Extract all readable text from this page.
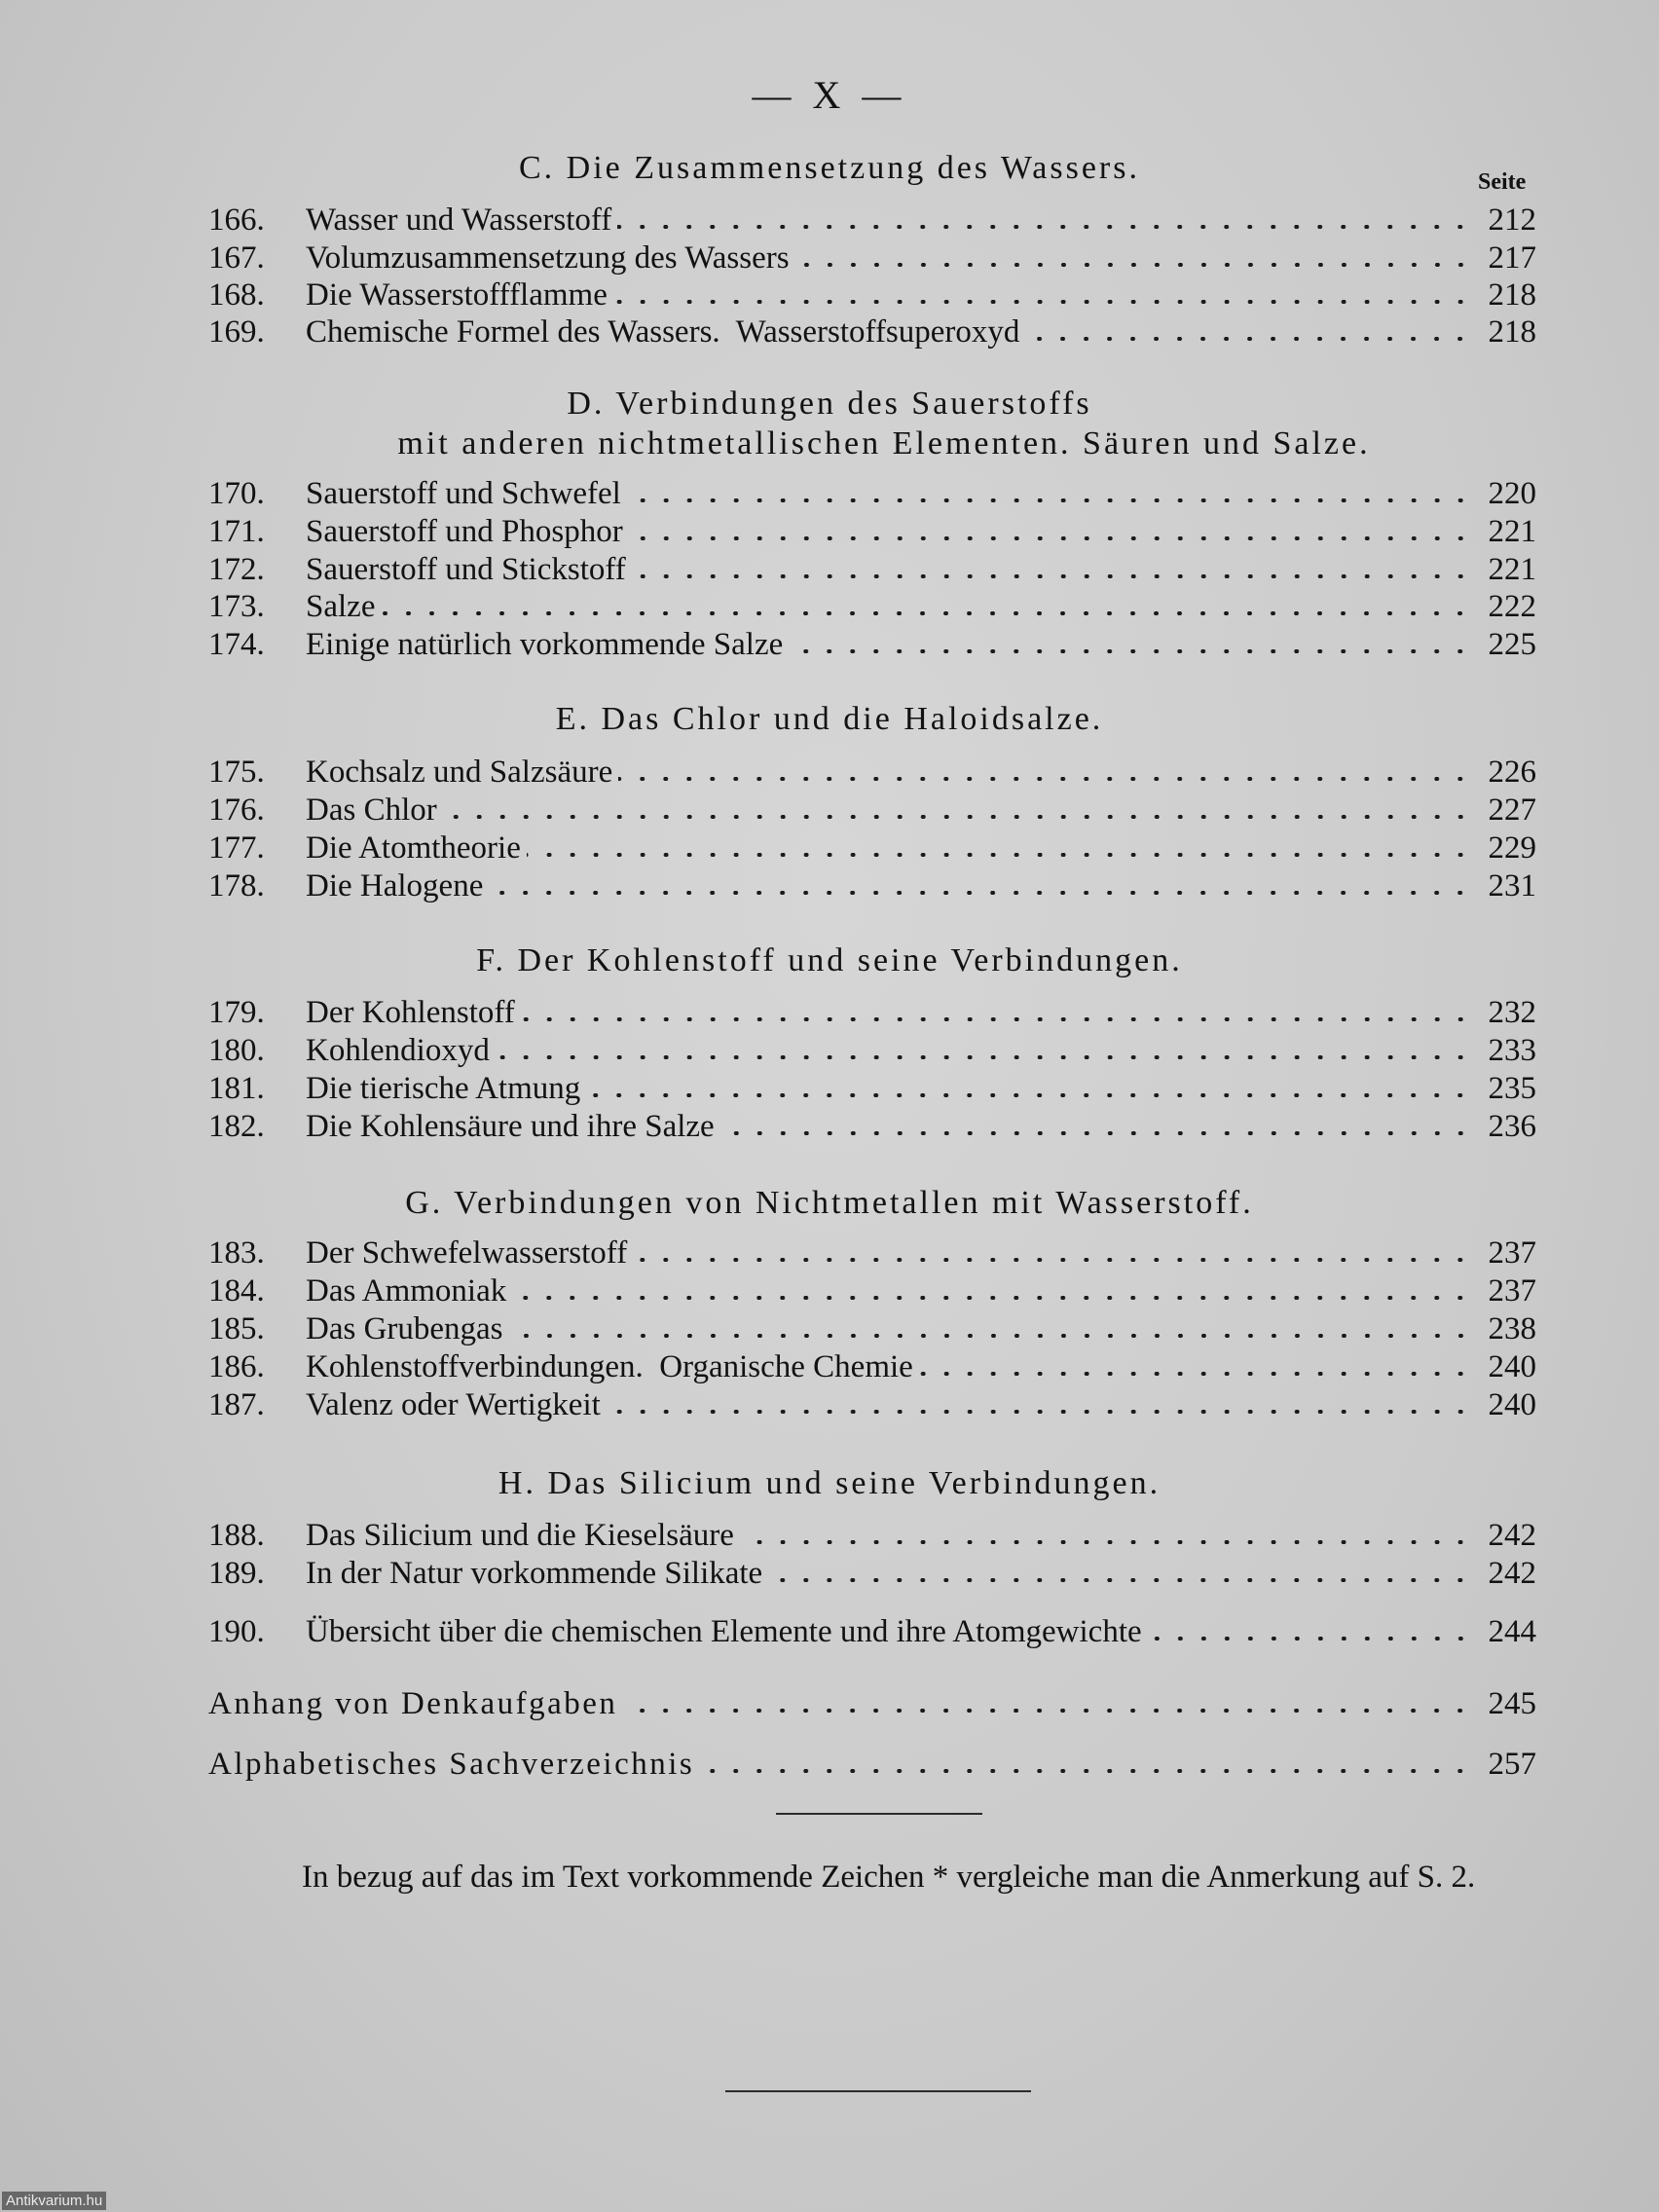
— X —
C. Die Zusammensetzung des Wassers.	Seite
166.	Wasser und Wasserstoff	212
167.	Volumzusammensetzung des Wassers	217
168.	Die Wasserstoffflamme	218
169.	Chemische Formel des Wassers.  Wasserstoffsuperoxyd	218
D. Verbindungen des Sauerstoffs
mit anderen nichtmetallischen Elementen. Säuren und Salze.
170.	Sauerstoff und Schwefel	220
171.	Sauerstoff und Phosphor	221
172.	Sauerstoff und Stickstoff	221
173.	Salze	222
174.	Einige natürlich vorkommende Salze	225
E. Das Chlor und die Haloidsalze.
175.	Kochsalz und Salzsäure	226
176.	Das Chlor	227
177.	Die Atomtheorie	229
178.	Die Halogene	231
F. Der Kohlenstoff und seine Verbindungen.
179.	Der Kohlenstoff	232
180.	Kohlendioxyd	233
181.	Die tierische Atmung	235
182.	Die Kohlensäure und ihre Salze	236
G. Verbindungen von Nichtmetallen mit Wasserstoff.
183.	Der Schwefelwasserstoff	237
184.	Das Ammoniak	237
185.	Das Grubengas	238
186.	Kohlenstoffverbindungen.  Organische Chemie	240
187.	Valenz oder Wertigkeit	240
H. Das Silicium und seine Verbindungen.
188.	Das Silicium und die Kieselsäure	242
189.	In der Natur vorkommende Silikate	242
190.	Übersicht über die chemischen Elemente und ihre Atomgewichte	244
Anhang von Denkaufgaben	245
Alphabetisches Sachverzeichnis	257
In bezug auf das im Text vorkommende Zeichen * vergleiche man die Anmerkung auf S. 2.
Antikvarium.hu
